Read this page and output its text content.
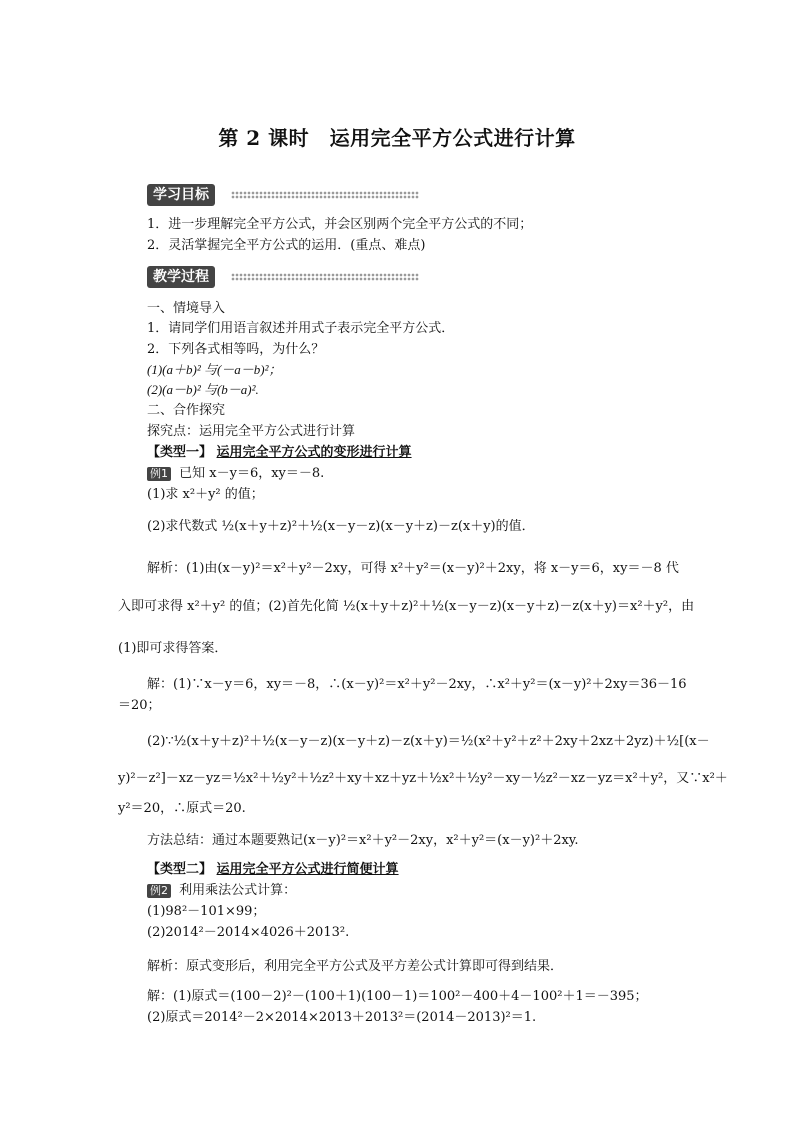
第 2 课时　运用完全平方公式进行计算
学习目标
1．进一步理解完全平方公式，并会区别两个完全平方公式的不同；
2．灵活掌握完全平方公式的运用．(重点、难点)
教学过程
一、情境导入
1．请同学们用语言叙述并用式子表示完全平方公式．
2．下列各式相等吗，为什么？
(1)(a＋b)² 与(－a－b)²；
(2)(a－b)² 与(b－a)².
二、合作探究
探究点：运用完全平方公式进行计算
【类型一】 运用完全平方公式的变形进行计算
例1 已知 x－y＝6，xy＝－8.
(1)求 x²＋y² 的值；
(2)求代数式 ½(x＋y＋z)²＋½(x－y－z)(x－y＋z)－z(x＋y)的值．
解析：(1)由(x－y)²＝x²＋y²－2xy，可得 x²＋y²＝(x－y)²＋2xy，将 x－y＝6，xy＝－8 代
入即可求得 x²＋y² 的值；(2)首先化简 ½(x＋y＋z)²＋½(x－y－z)(x－y＋z)－z(x＋y)＝x²＋y²，由
(1)即可求得答案．
解：(1)∵x－y＝6，xy＝－8，∴(x－y)²＝x²＋y²－2xy，∴x²＋y²＝(x－y)²＋2xy＝36－16
＝20；
(2)∵½(x＋y＋z)²＋½(x－y－z)(x－y＋z)－z(x＋y)＝½(x²＋y²＋z²＋2xy＋2xz＋2yz)＋½[(x－
y)²－z²]－xz－yz＝½x²＋½y²＋½z²＋xy＋xz＋yz＋½x²＋½y²－xy－½z²－xz－yz＝x²＋y²，又∵x²＋
y²＝20，∴原式＝20.
方法总结：通过本题要熟记(x－y)²＝x²＋y²－2xy，x²＋y²＝(x－y)²＋2xy.
【类型二】 运用完全平方公式进行简便计算
例2 利用乘法公式计算：
(1)98²－101×99；
(2)2014²－2014×4026＋2013².
解析：原式变形后，利用完全平方公式及平方差公式计算即可得到结果．
解：(1)原式＝(100－2)²－(100＋1)(100－1)＝100²－400＋4－100²＋1＝－395；
(2)原式＝2014²－2×2014×2013＋2013²＝(2014－2013)²＝1.
